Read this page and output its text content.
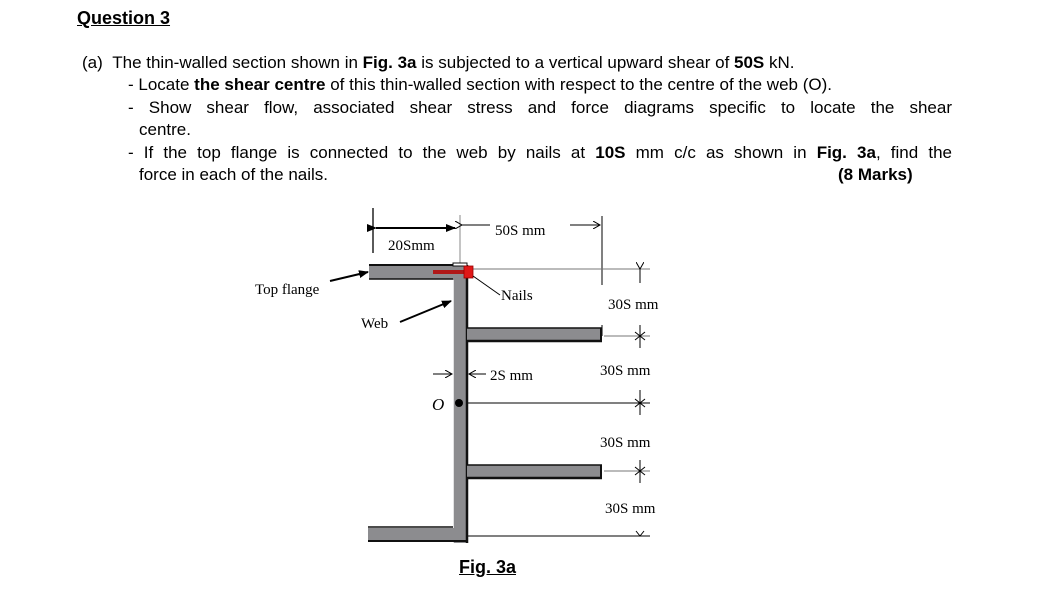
Question 3
(a) The thin-walled section shown in Fig. 3a is subjected to a vertical upward shear of 50S kN.
- Locate the shear centre of this thin-walled section with respect to the centre of the web (O).
- Show shear flow, associated shear stress and force diagrams specific to locate the shear
centre.
- If the top flange is connected to the web by nails at 10S mm c/c as shown in Fig. 3a, find the
force in each of the nails.	(8 Marks)
20Smm
50S mm
Top flange
Web
Nails
2S mm
O
30S mm
30S mm
30S mm
30S mm
Fig. 3a
